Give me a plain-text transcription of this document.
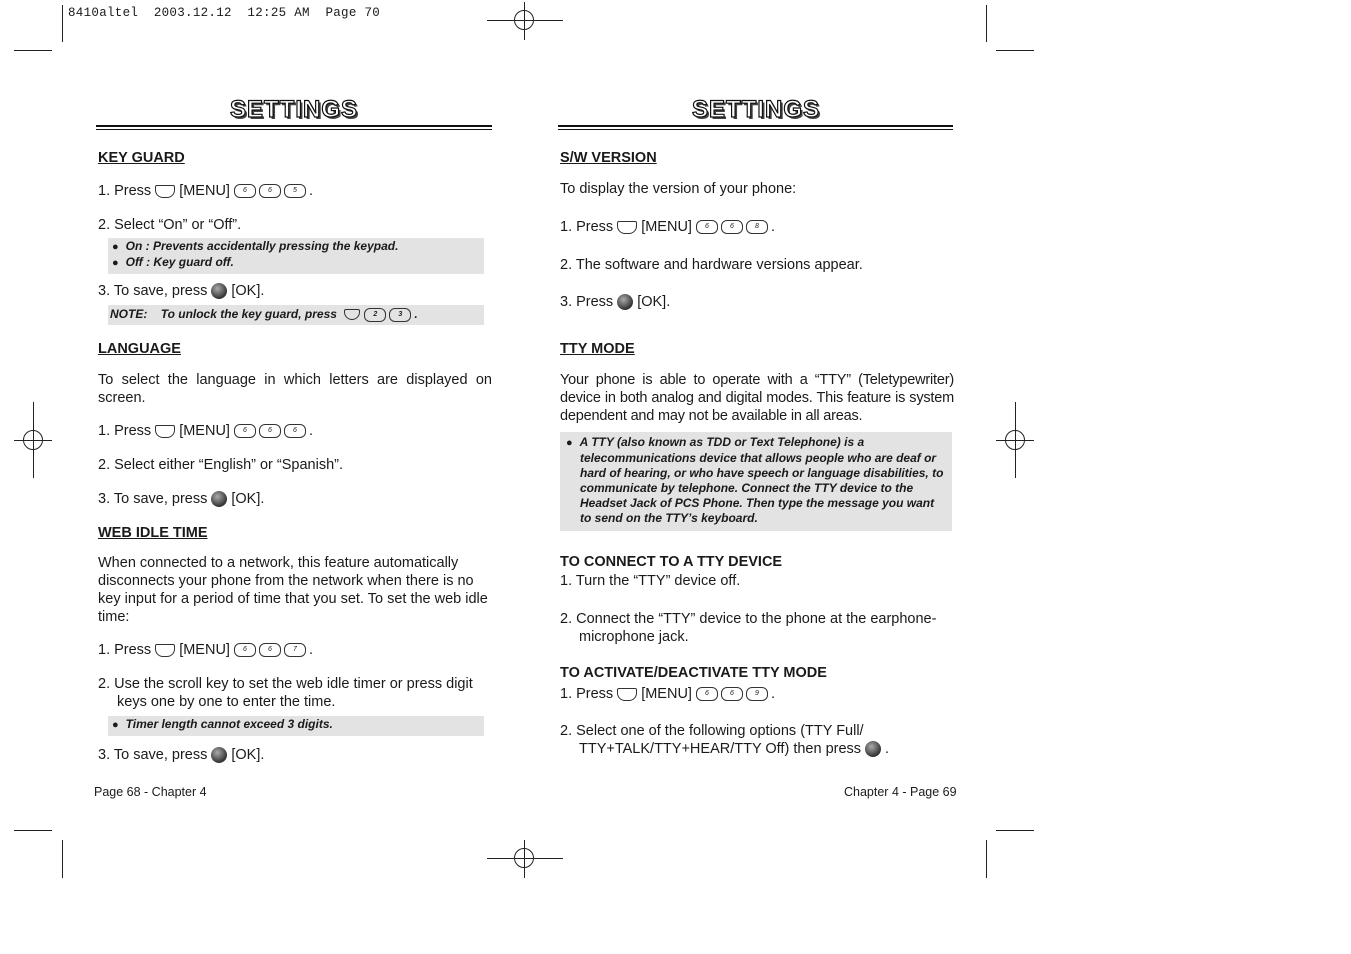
8410altel  2003.12.12  12:25 AM  Page 70
SETTINGS

KEY GUARD

1. Press [MENU] 6	6	5 .

2. Select “On” or “Off”.

● On : Prevents accidentally pressing the keypad.
● Off : Key guard off.

3. To save, press [OK].

NOTE: To unlock the key guard, press	2	3 .

LANGUAGE

To select the language in which letters are displayed on screen.

1. Press [MENU] 6	6	6 .

2. Select either “English” or “Spanish”.

3. To save, press [OK].

WEB IDLE TIME

When connected to a network, this feature automatically disconnects your phone from the network when there is no key input for a period of time that you set. To set the web idle time:

1. Press [MENU] 6	6	7 .

2. Use the scroll key to set the web idle timer or press digit keys one by one to enter the time.

● Timer length cannot exceed 3 digits.

3. To save, press [OK].

Page 68 - Chapter 4
SETTINGS

S/W VERSION

To display the version of your phone:

1. Press [MENU] 6	6	8 .

2. The software and hardware versions appear.

3. Press [OK].

TTY MODE

Your phone is able to operate with a “TTY” (Teletypewriter) device in both analog and digital modes. This feature is system dependent and may not be available in all areas.

● A TTY (also known as TDD or Text Telephone) is a telecommunications device that allows people who are deaf or hard of hearing, or who have speech or language disabilities, to communicate by telephone. Connect the TTY device to the Headset Jack of PCS Phone. Then type the message you want to send on the TTY’s keyboard.

TO CONNECT TO A TTY DEVICE

1. Turn the “TTY” device off.

2. Connect the “TTY” device to the phone at the earphone-microphone jack.

TO ACTIVATE/DEACTIVATE TTY MODE

1. Press [MENU] 6	6	9 .

2. Select one of the following options (TTY Full/ TTY+TALK/TTY+HEAR/TTY Off) then press .

Chapter 4 - Page 69
